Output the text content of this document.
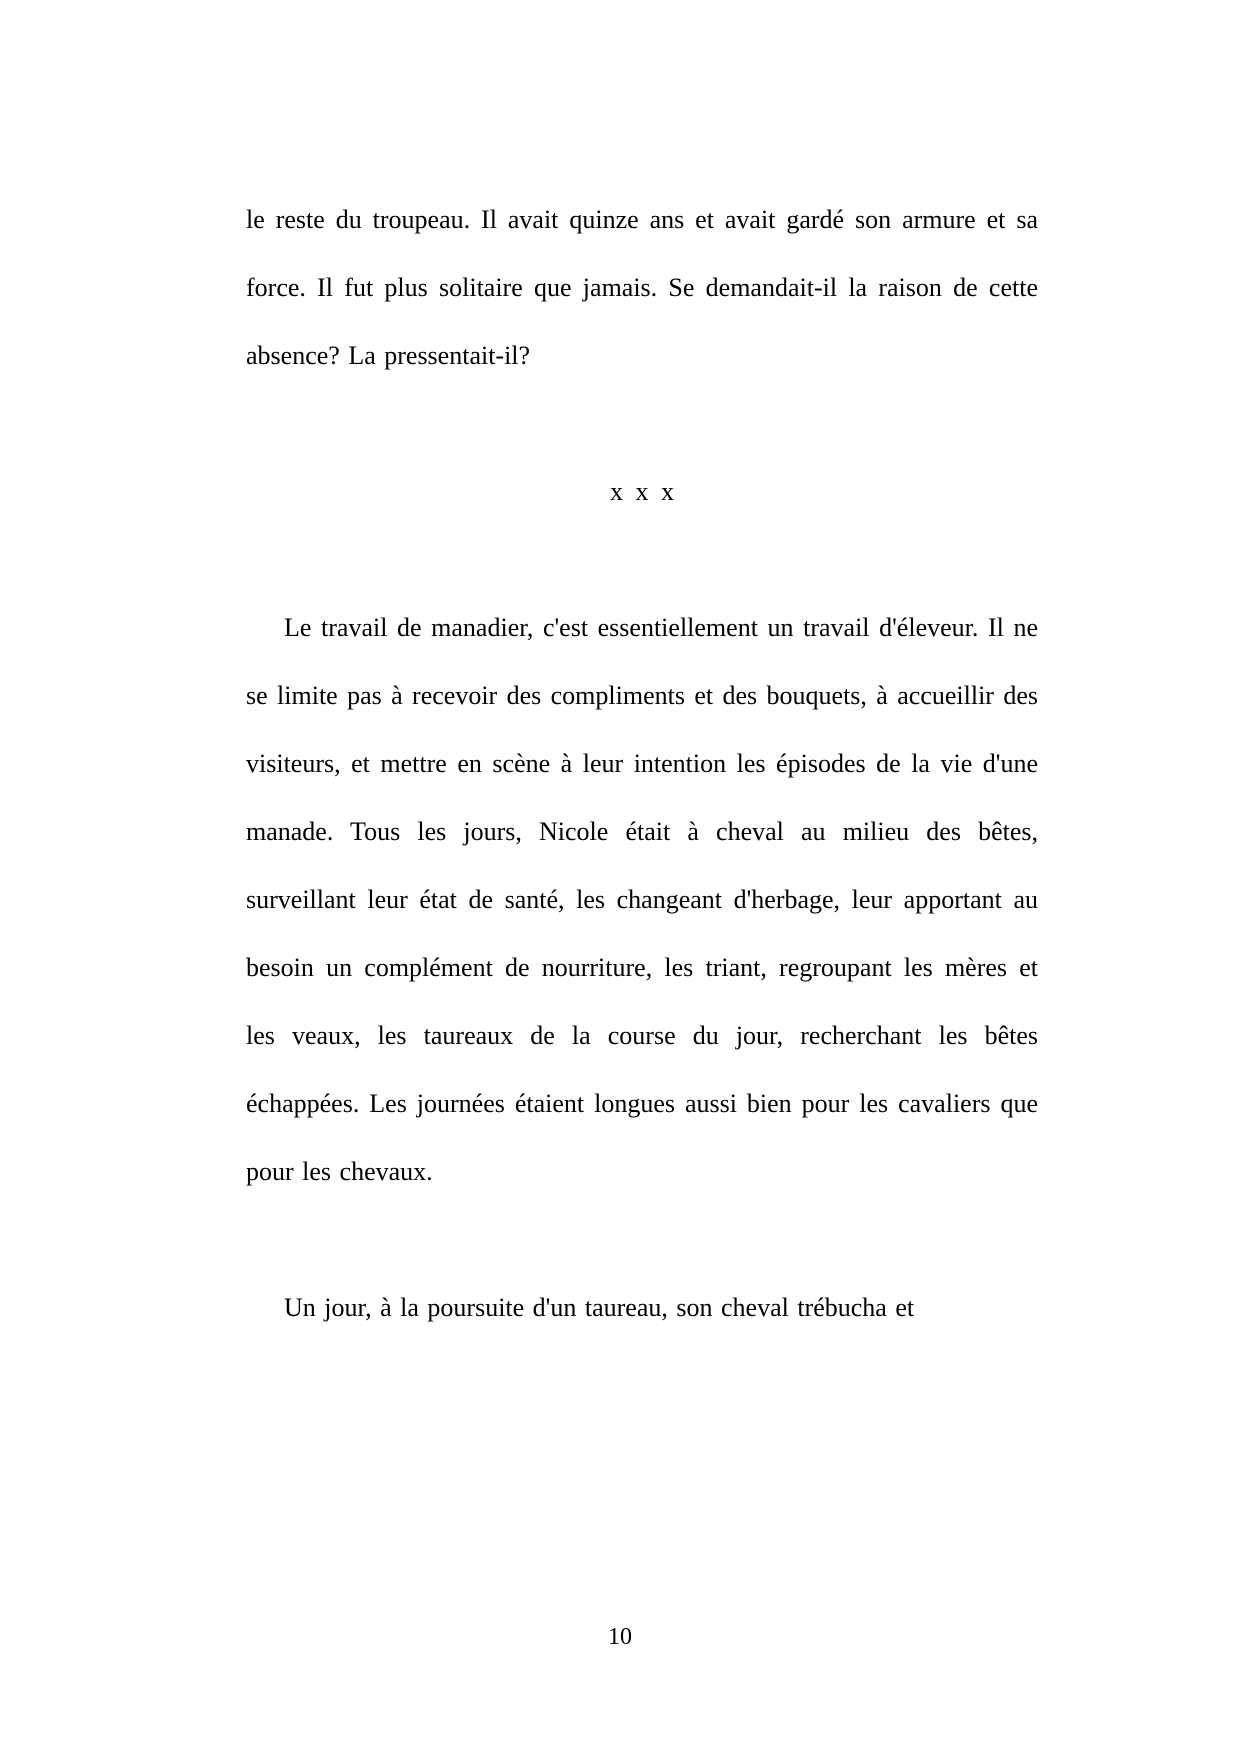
le reste du troupeau. Il avait quinze ans et avait gardé son armure et sa force. Il fut plus solitaire que jamais. Se demandait-il la raison de cette absence? La pressentait-il?

x x x

Le travail de manadier, c'est essentiellement un travail d'éleveur. Il ne se limite pas à recevoir des compliments et des bouquets, à accueillir des visiteurs, et mettre en scène à leur intention les épisodes de la vie d'une manade. Tous les jours, Nicole était à cheval au milieu des bêtes, surveillant leur état de santé, les changeant d'herbage, leur apportant au besoin un complément de nourriture, les triant, regroupant les mères et les veaux, les taureaux de la course du jour, recherchant les bêtes échappées. Les journées étaient longues aussi bien pour les cavaliers que pour les chevaux.

Un jour, à la poursuite d'un taureau, son cheval trébucha et

10
